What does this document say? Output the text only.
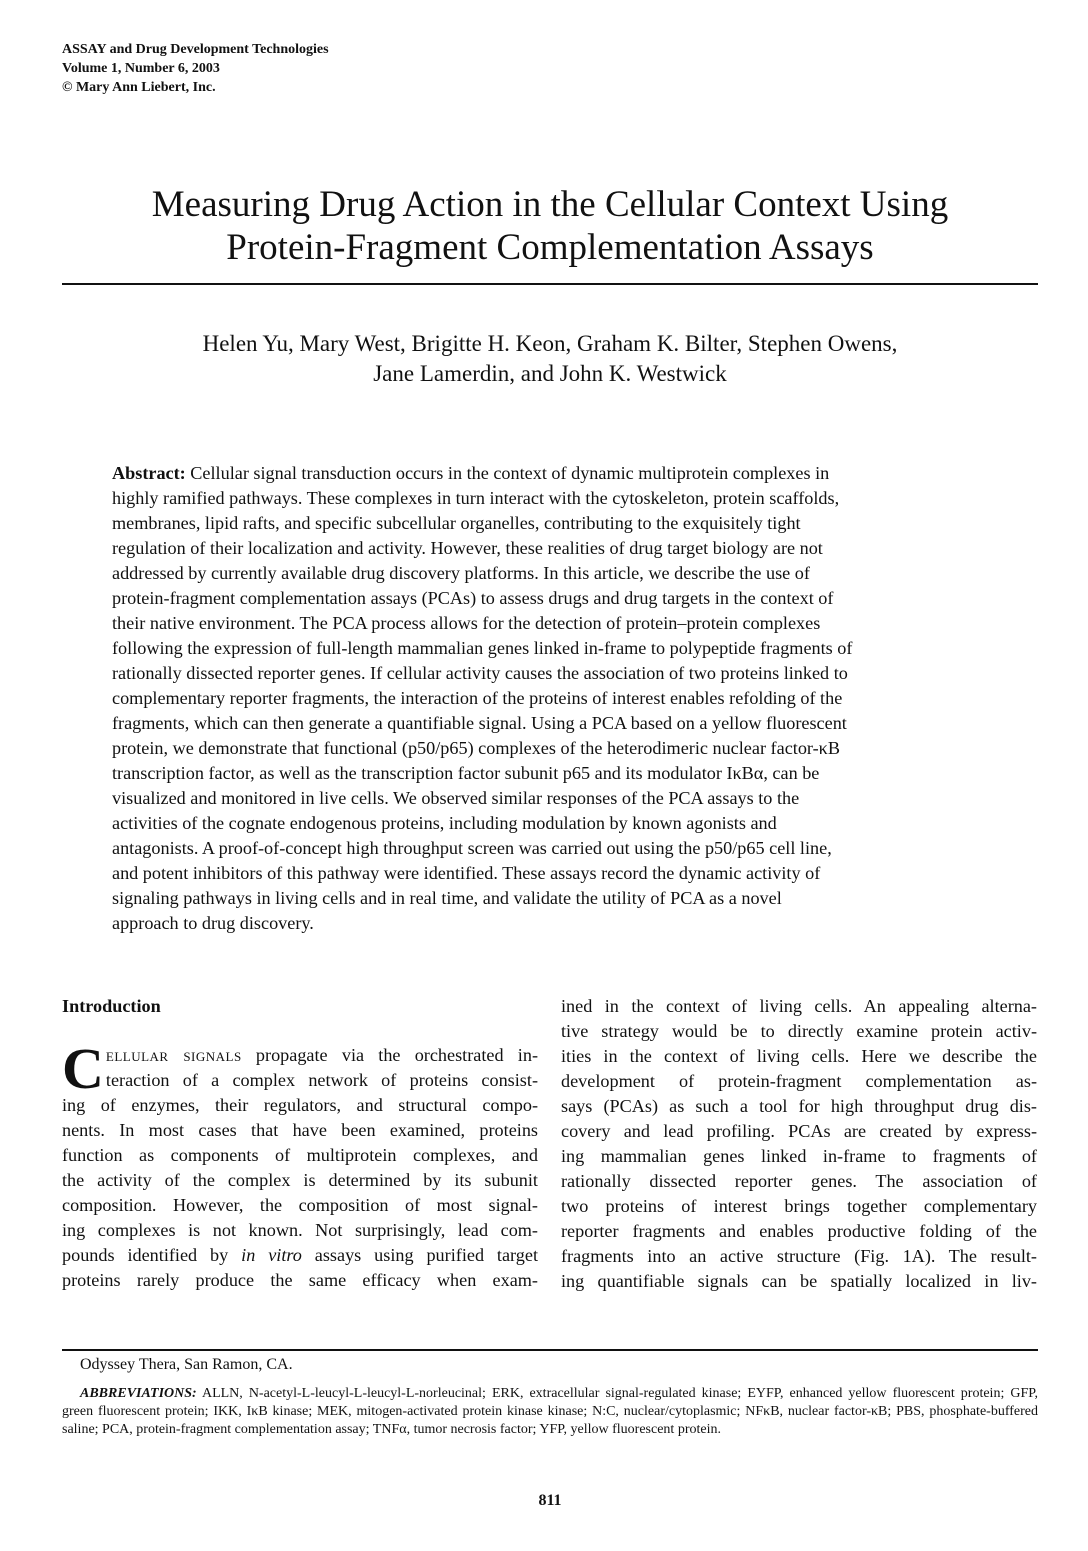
ASSAY and Drug Development Technologies
Volume 1, Number 6, 2003
© Mary Ann Liebert, Inc.
Measuring Drug Action in the Cellular Context Using
Protein-Fragment Complementation Assays
Helen Yu, Mary West, Brigitte H. Keon, Graham K. Bilter, Stephen Owens,
Jane Lamerdin, and John K. Westwick
Abstract: Cellular signal transduction occurs in the context of dynamic multiprotein complexes in
highly ramified pathways. These complexes in turn interact with the cytoskeleton, protein scaffolds,
membranes, lipid rafts, and specific subcellular organelles, contributing to the exquisitely tight
regulation of their localization and activity. However, these realities of drug target biology are not
addressed by currently available drug discovery platforms. In this article, we describe the use of
protein-fragment complementation assays (PCAs) to assess drugs and drug targets in the context of
their native environment. The PCA process allows for the detection of protein–protein complexes
following the expression of full-length mammalian genes linked in-frame to polypeptide fragments of
rationally dissected reporter genes. If cellular activity causes the association of two proteins linked to
complementary reporter fragments, the interaction of the proteins of interest enables refolding of the
fragments, which can then generate a quantifiable signal. Using a PCA based on a yellow fluorescent
protein, we demonstrate that functional (p50/p65) complexes of the heterodimeric nuclear factor-κB
transcription factor, as well as the transcription factor subunit p65 and its modulator IκBα, can be
visualized and monitored in live cells. We observed similar responses of the PCA assays to the
activities of the cognate endogenous proteins, including modulation by known agonists and
antagonists. A proof-of-concept high throughput screen was carried out using the p50/p65 cell line,
and potent inhibitors of this pathway were identified. These assays record the dynamic activity of
signaling pathways in living cells and in real time, and validate the utility of PCA as a novel
approach to drug discovery.
Introduction
C ellular signals propagate via the orchestrated in-
teraction of a complex network of proteins consist-
ing of enzymes, their regulators, and structural compo-
nents. In most cases that have been examined, proteins
function as components of multiprotein complexes, and
the activity of the complex is determined by its subunit
composition. However, the composition of most signal-
ing complexes is not known. Not surprisingly, lead com-
pounds identified by in vitro assays using purified target
proteins rarely produce the same efficacy when exam-
ined in the context of living cells. An appealing alterna-
tive strategy would be to directly examine protein activ-
ities in the context of living cells. Here we describe the
development of protein-fragment complementation as-
says (PCAs) as such a tool for high throughput drug dis-
covery and lead profiling. PCAs are created by express-
ing mammalian genes linked in-frame to fragments of
rationally dissected reporter genes. The association of
two proteins of interest brings together complementary
reporter fragments and enables productive folding of the
fragments into an active structure (Fig. 1A). The result-
ing quantifiable signals can be spatially localized in liv-
Odyssey Thera, San Ramon, CA.
ABBREVIATIONS: ALLN, N-acetyl-L-leucyl-L-leucyl-L-norleucinal; ERK, extracellular signal-regulated kinase; EYFP, enhanced yellow fluorescent protein; GFP, green fluorescent protein; IKK, IκB kinase; MEK, mitogen-activated protein kinase kinase; N:C, nuclear/cytoplasmic; NFκB, nuclear factor-κB; PBS, phosphate-buffered saline; PCA, protein-fragment complementation assay; TNFα, tumor necrosis factor; YFP, yellow fluorescent protein.
811
